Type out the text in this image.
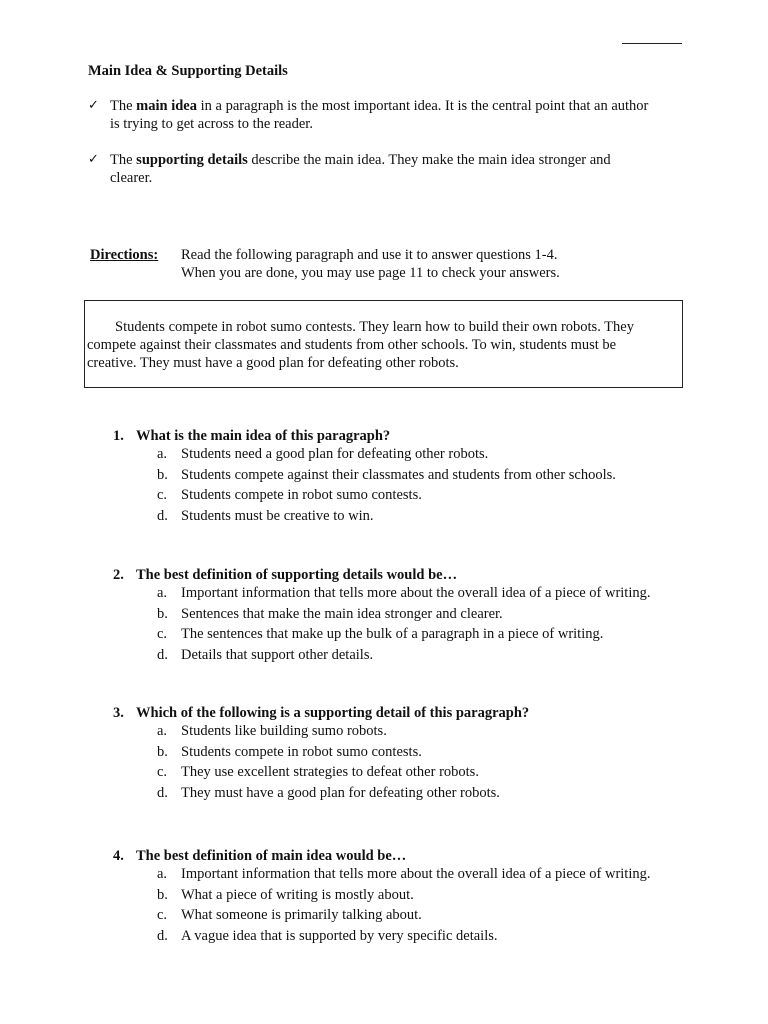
Main Idea & Supporting Details
✓ The main idea in a paragraph is the most important idea. It is the central point that an author
is trying to get across to the reader.
✓ The supporting details describe the main idea. They make the main idea stronger and
clearer.
Directions: Read the following paragraph and use it to answer questions 1-4.
When you are done, you may use page 11 to check your answers.
Students compete in robot sumo contests. They learn how to build their own robots. They compete against their classmates and students from other schools. To win, students must be creative. They must have a good plan for defeating other robots.
1. What is the main idea of this paragraph?
a. Students need a good plan for defeating other robots.
b. Students compete against their classmates and students from other schools.
c. Students compete in robot sumo contests.
d. Students must be creative to win.
2. The best definition of supporting details would be…
a. Important information that tells more about the overall idea of a piece of writing.
b. Sentences that make the main idea stronger and clearer.
c. The sentences that make up the bulk of a paragraph in a piece of writing.
d. Details that support other details.
3. Which of the following is a supporting detail of this paragraph?
a. Students like building sumo robots.
b. Students compete in robot sumo contests.
c. They use excellent strategies to defeat other robots.
d. They must have a good plan for defeating other robots.
4. The best definition of main idea would be…
a. Important information that tells more about the overall idea of a piece of writing.
b. What a piece of writing is mostly about.
c. What someone is primarily talking about.
d. A vague idea that is supported by very specific details.
